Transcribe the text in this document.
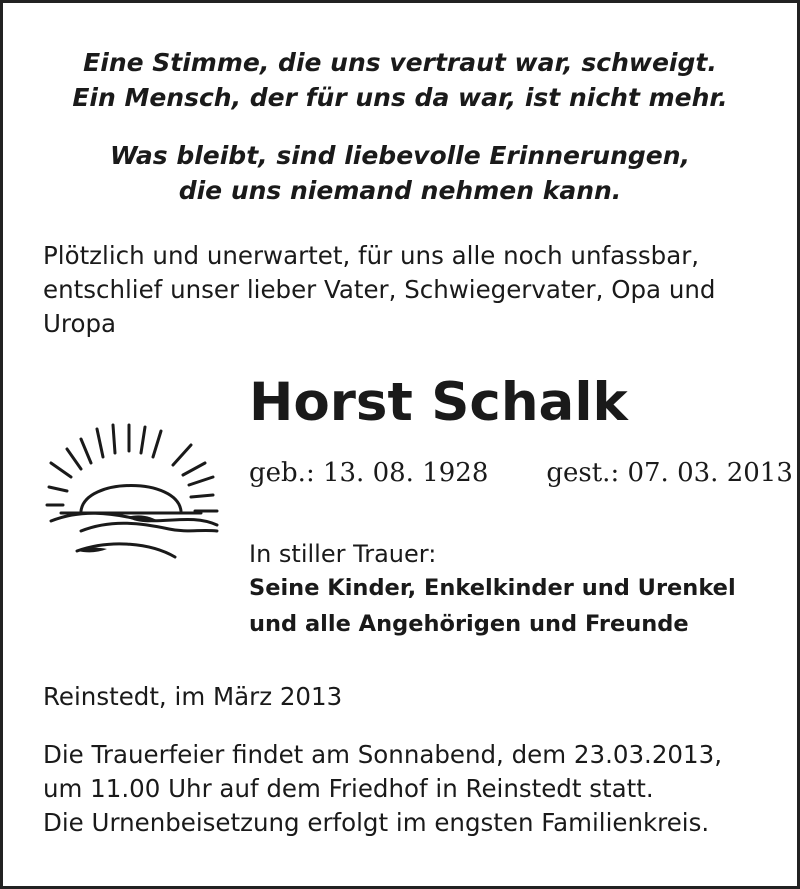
Eine Stimme, die uns vertraut war, schweigt.
Ein Mensch, der für uns da war, ist nicht mehr.
Was bleibt, sind liebevolle Erinnerungen,
die uns niemand nehmen kann.
Plötzlich und unerwartet, für uns alle noch unfassbar,
entschlief unser lieber Vater, Schwiegervater, Opa und
Uropa
Horst Schalk
geb.: 13. 08. 1928 gest.: 07. 03. 2013
In stiller Trauer:
Seine Kinder, Enkelkinder und Urenkel
und alle Angehörigen und Freunde
Reinstedt, im März 2013
Die Trauerfeier findet am Sonnabend, dem 23.03.2013,
um 11.00 Uhr auf dem Friedhof in Reinstedt statt.
Die Urnenbeisetzung erfolgt im engsten Familienkreis.
